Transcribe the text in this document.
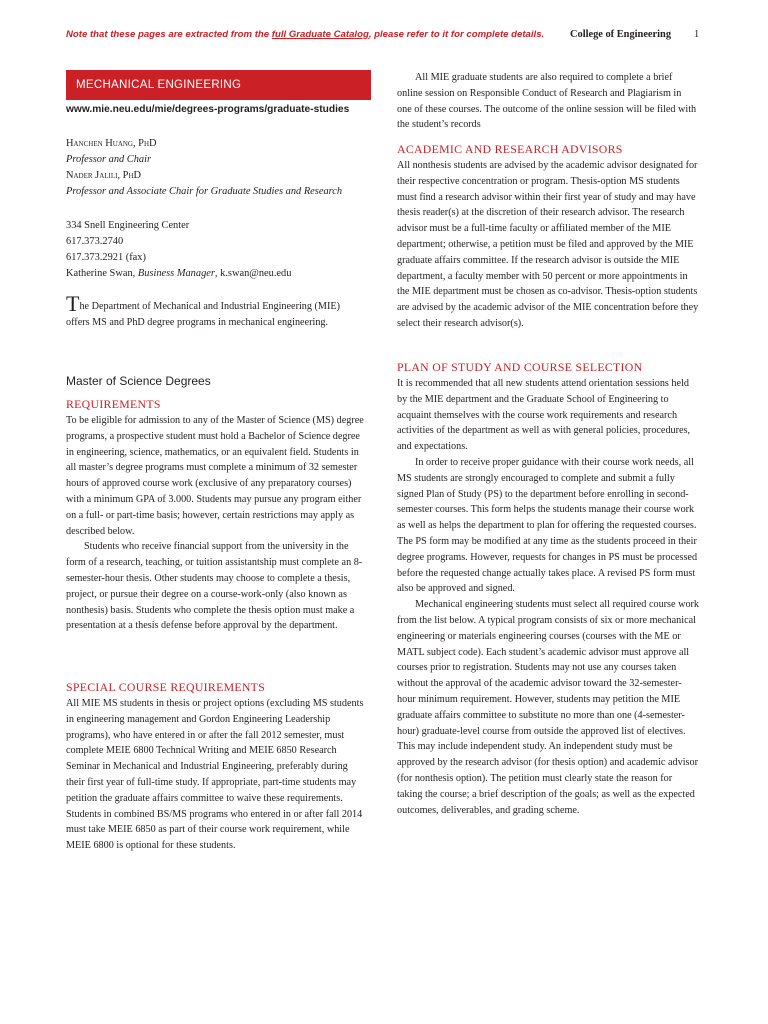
Note that these pages are extracted from the full Graduate Catalog, please refer to it for complete details. College of Engineering 1
MECHANICAL ENGINEERING
www.mie.neu.edu/mie/degrees-programs/graduate-studies
Hanchen Huang, PhD
Professor and Chair
Nader Jalili, PhD
Professor and Associate Chair for Graduate Studies and Research
334 Snell Engineering Center
617.373.2740
617.373.2921 (fax)
Katherine Swan, Business Manager, k.swan@neu.edu
The Department of Mechanical and Industrial Engineering (MIE) offers MS and PhD degree programs in mechanical engineering.
Master of Science Degrees
REQUIREMENTS

To be eligible for admission to any of the Master of Science (MS) degree programs, a prospective student must hold a Bachelor of Science degree in engineering, science, mathematics, or an equivalent field. Students in all master’s degree programs must complete a minimum of 32 semester hours of approved course work (exclusive of any preparatory courses) with a minimum GPA of 3.000. Students may pursue any program either on a full- or part-time basis; however, certain restrictions may apply as described below.

Students who receive financial support from the university in the form of a research, teaching, or tuition assistantship must complete an 8-semester-hour thesis. Other students may choose to complete a thesis, project, or pursue their degree on a course-work-only (also known as nonthesis) basis. Students who complete the thesis option must make a presentation at a thesis defense before approval by the department.

SPECIAL COURSE REQUIREMENTS

All MIE MS students in thesis or project options (excluding MS students in engineering management and Gordon Engineering Leadership programs), who have entered in or after the fall 2012 semester, must complete MEIE 6800 Technical Writing and MEIE 6850 Research Seminar in Mechanical and Industrial Engineering, preferably during their first year of full-time study. If appropriate, part-time students may petition the graduate affairs committee to waive these requirements. Students in combined BS/MS programs who entered in or after fall 2014 must take MEIE 6850 as part of their course work requirement, while MEIE 6800 is optional for these students.

All MIE graduate students are also required to complete a brief online session on Responsible Conduct of Research and Plagiarism in one of these courses. The outcome of the online session will be filed with the student’s records

ACADEMIC AND RESEARCH ADVISORS

All nonthesis students are advised by the academic advisor designated for their respective concentration or program. Thesis-option MS students must find a research advisor within their first year of study and may have thesis reader(s) at the discretion of their research advisor. The research advisor must be a full-time faculty or affiliated member of the MIE department; otherwise, a petition must be filed and approved by the MIE graduate affairs committee. If the research advisor is outside the MIE department, a faculty member with 50 percent or more appointments in the MIE department must be chosen as co-advisor. Thesis-option students are advised by the academic advisor of the MIE concentration before they select their research advisor(s).

PLAN OF STUDY AND COURSE SELECTION

It is recommended that all new students attend orientation sessions held by the MIE department and the Graduate School of Engineering to acquaint themselves with the course work requirements and research activities of the department as well as with general policies, procedures, and expectations.

In order to receive proper guidance with their course work needs, all MS students are strongly encouraged to complete and submit a fully signed Plan of Study (PS) to the department before enrolling in second-semester courses. This form helps the students manage their course work as well as helps the department to plan for offering the requested courses. The PS form may be modified at any time as the students proceed in their degree programs. However, requests for changes in PS must be processed before the requested change actually takes place. A revised PS form must also be approved and signed.

Mechanical engineering students must select all required course work from the list below. A typical program consists of six or more mechanical engineering or materials engineering courses (courses with the ME or MATL subject code). Each student’s academic advisor must approve all courses prior to registration. Students may not use any courses taken without the approval of the academic advisor toward the 32-semester-hour minimum requirement. However, students may petition the MIE graduate affairs committee to substitute no more than one (4-semester-hour) graduate-level course from outside the approved list of electives. This may include independent study. An independent study must be approved by the research advisor (for thesis option) and academic advisor (for nonthesis option). The petition must clearly state the reason for taking the course; a brief description of the goals; as well as the expected outcomes, deliverables, and grading scheme.
